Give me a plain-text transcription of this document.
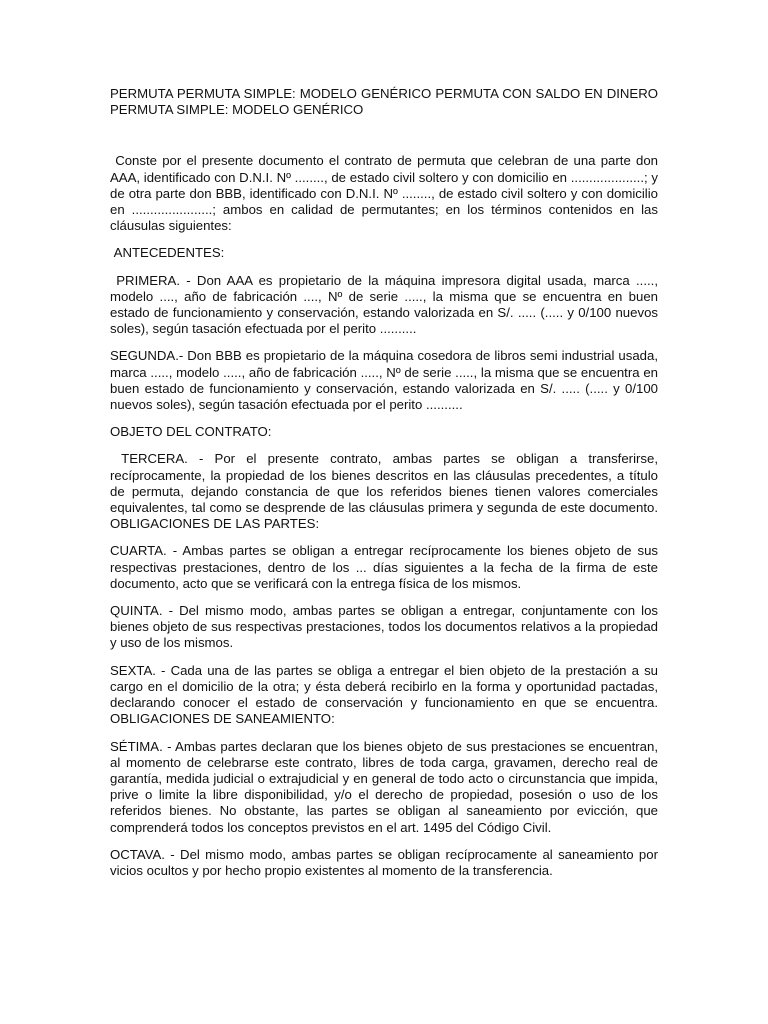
PERMUTA PERMUTA SIMPLE: MODELO GENÉRICO PERMUTA CON SALDO EN DINERO PERMUTA SIMPLE: MODELO GENÉRICO

Conste por el presente documento el contrato de permuta que celebran de una parte don AAA, identificado con D.N.I. Nº ........, de estado civil soltero y con domicilio en ....................; y de otra parte don BBB, identificado con D.N.I. Nº ........, de estado civil soltero y con domicilio en ......................; ambos en calidad de permutantes; en los términos contenidos en las cláusulas siguientes:

ANTECEDENTES:

PRIMERA. - Don AAA es propietario de la máquina impresora digital usada, marca ....., modelo ...., año de fabricación ...., Nº de serie ....., la misma que se encuentra en buen estado de funcionamiento y conservación, estando valorizada en S/. ..... (..... y 0/100 nuevos soles), según tasación efectuada por el perito ..........

SEGUNDA.- Don BBB es propietario de la máquina cosedora de libros semi industrial usada, marca ....., modelo ....., año de fabricación ....., Nº de serie ....., la misma que se encuentra en buen estado de funcionamiento y conservación, estando valorizada en S/. ..... (..... y 0/100 nuevos soles), según tasación efectuada por el perito ..........

OBJETO DEL CONTRATO:

TERCERA. - Por el presente contrato, ambas partes se obligan a transferirse, recíprocamente, la propiedad de los bienes descritos en las cláusulas precedentes, a título de permuta, dejando constancia de que los referidos bienes tienen valores comerciales equivalentes, tal como se desprende de las cláusulas primera y segunda de este documento. OBLIGACIONES DE LAS PARTES:

CUARTA. - Ambas partes se obligan a entregar recíprocamente los bienes objeto de sus respectivas prestaciones, dentro de los ... días siguientes a la fecha de la firma de este documento, acto que se verificará con la entrega física de los mismos.

QUINTA. - Del mismo modo, ambas partes se obligan a entregar, conjuntamente con los bienes objeto de sus respectivas prestaciones, todos los documentos relativos a la propiedad y uso de los mismos.

SEXTA. - Cada una de las partes se obliga a entregar el bien objeto de la prestación a su cargo en el domicilio de la otra; y ésta deberá recibirlo en la forma y oportunidad pactadas, declarando conocer el estado de conservación y funcionamiento en que se encuentra. OBLIGACIONES DE SANEAMIENTO:

SÉTIMA. - Ambas partes declaran que los bienes objeto de sus prestaciones se encuentran, al momento de celebrarse este contrato, libres de toda carga, gravamen, derecho real de garantía, medida judicial o extrajudicial y en general de todo acto o circunstancia que impida, prive o limite la libre disponibilidad, y/o el derecho de propiedad, posesión o uso de los referidos bienes. No obstante, las partes se obligan al saneamiento por evicción, que comprenderá todos los conceptos previstos en el art. 1495 del Código Civil.

OCTAVA. - Del mismo modo, ambas partes se obligan recíprocamente al saneamiento por vicios ocultos y por hecho propio existentes al momento de la transferencia.
